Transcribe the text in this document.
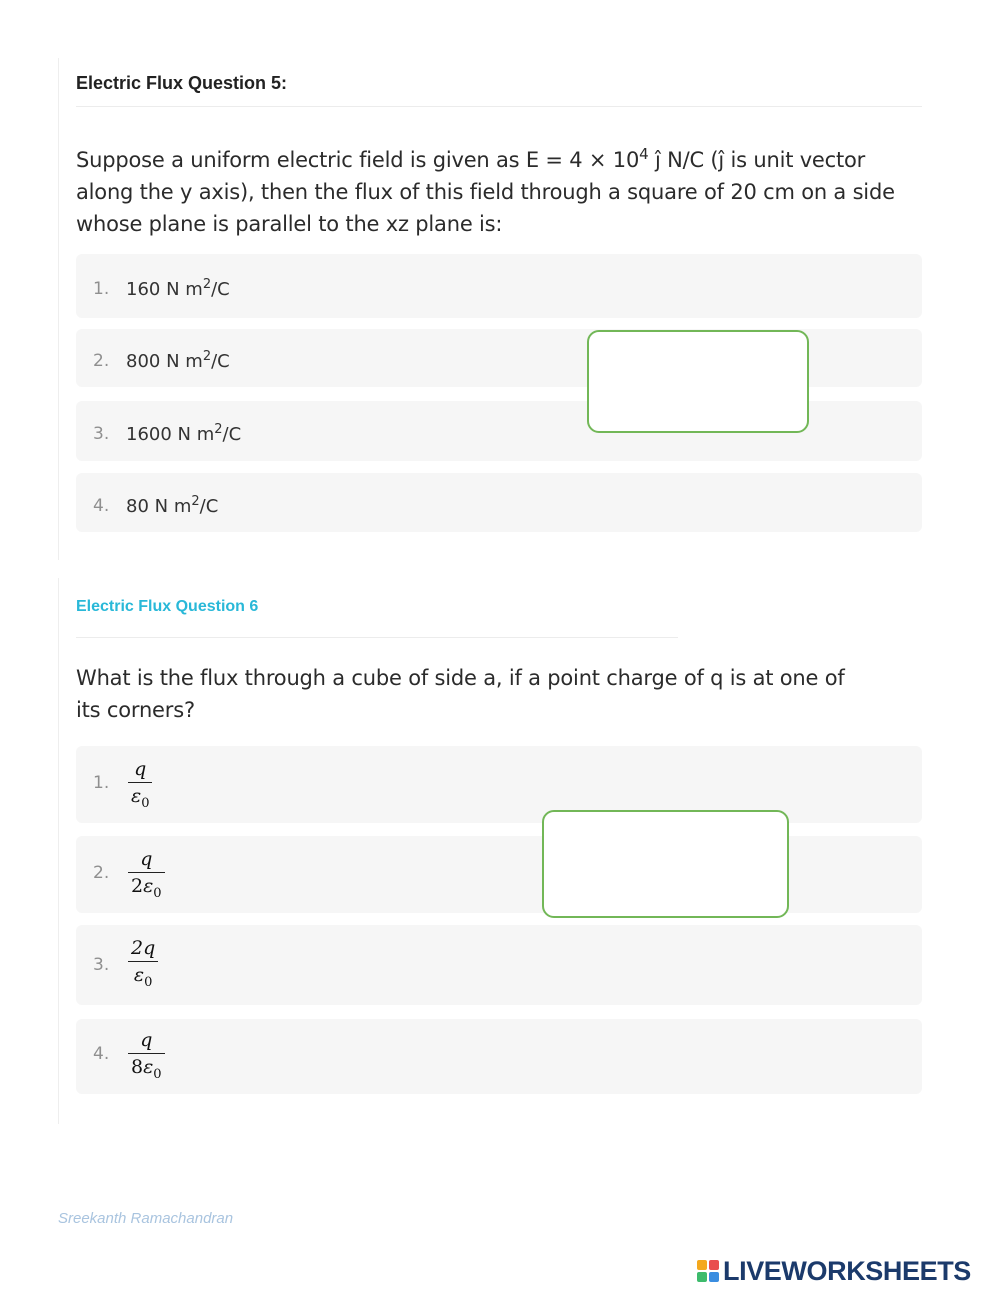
Electric Flux Question 5:
Suppose a uniform electric field is given as $E = 4 \times 10^4$ ĵ N/C (ĵ is unit vector along the y axis), then the flux of this field through a square of 20 cm on a side whose plane is parallel to the xz plane is:
1. 160 N $m^2/C$
2. 800 N $m^2/C$
3. 1600 N $m^2/C$
4. 80 N $m^2/C$
Electric Flux Question 6
What is the flux through a cube of side a, if a point charge of q is at one of its corners?
1. $\frac{q}{\varepsilon_0}$
2. $\frac{q}{2\varepsilon_0}$
3. $\frac{2q}{\varepsilon_0}$
4. $\frac{q}{8\varepsilon_0}$
Sreekanth Ramachandran
LIVEWORKSHEETS
